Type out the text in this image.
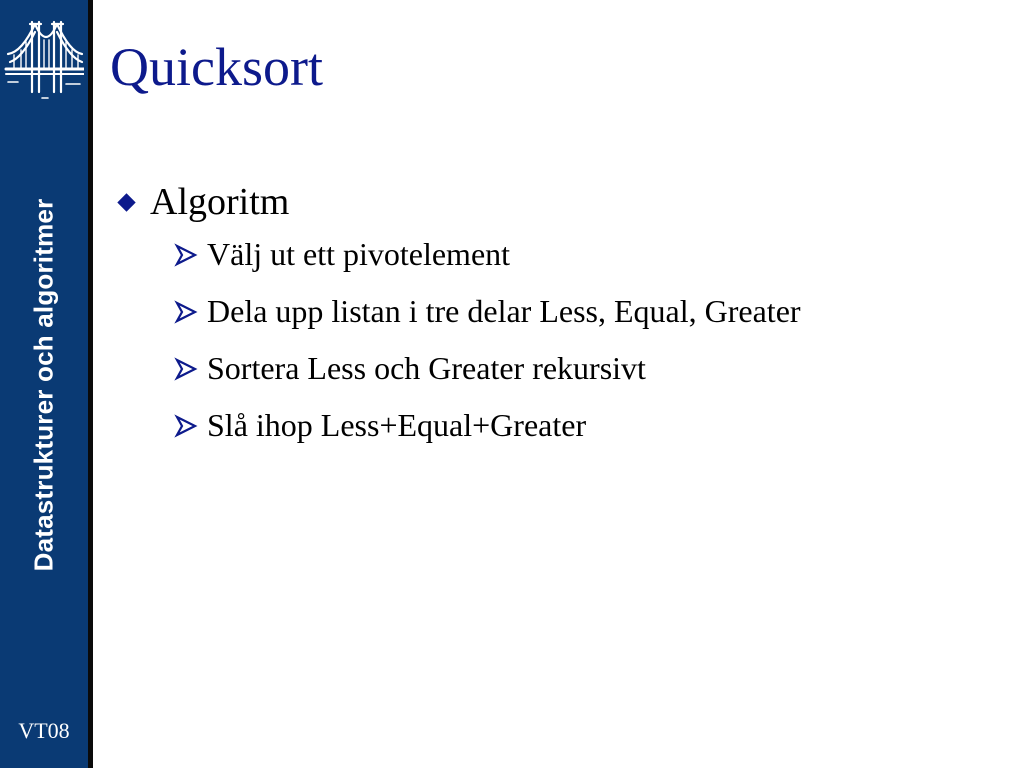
Datastrukturer och algoritmer
VT08
Quicksort
Algoritm
Välj ut ett pivotelement
Dela upp listan i tre delar Less, Equal, Greater
Sortera Less och Greater rekursivt
Slå ihop Less+Equal+Greater
